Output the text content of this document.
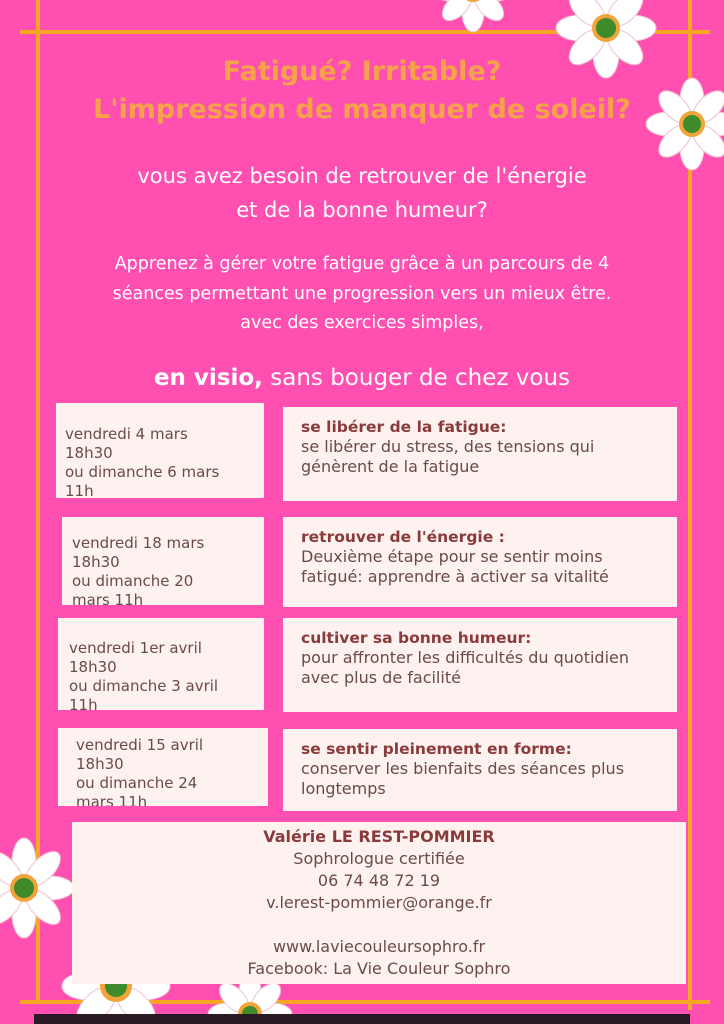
Fatigué? Irritable?
L'impression de manquer de soleil?
vous avez besoin de retrouver de l'énergie
et de la bonne humeur?
Apprenez à gérer votre fatigue grâce à un parcours de 4
séances permettant une progression vers un mieux être.
avec des exercices simples,
en visio, sans bouger de chez vous
vendredi 4 mars
18h30
ou dimanche 6 mars
11h
se libérer de la fatigue:
se libérer du stress, des tensions qui génèrent de la fatigue
vendredi 18 mars
18h30
ou dimanche 20
mars 11h
retrouver de l'énergie :
Deuxième étape pour se sentir moins fatigué: apprendre à activer sa vitalité
vendredi 1er avril
18h30
ou dimanche 3 avril
11h
cultiver sa bonne humeur:
pour affronter les difficultés du quotidien avec plus de facilité
vendredi 15 avril
18h30
ou dimanche 24
mars 11h
se sentir pleinement en forme:
conserver les bienfaits des séances plus longtemps
Valérie LE REST-POMMIER
Sophrologue certifiée
06 74 48 72 19
v.lerest-pommier@orange.fr
www.laviecouleursophro.fr
Facebook: La Vie Couleur Sophro
